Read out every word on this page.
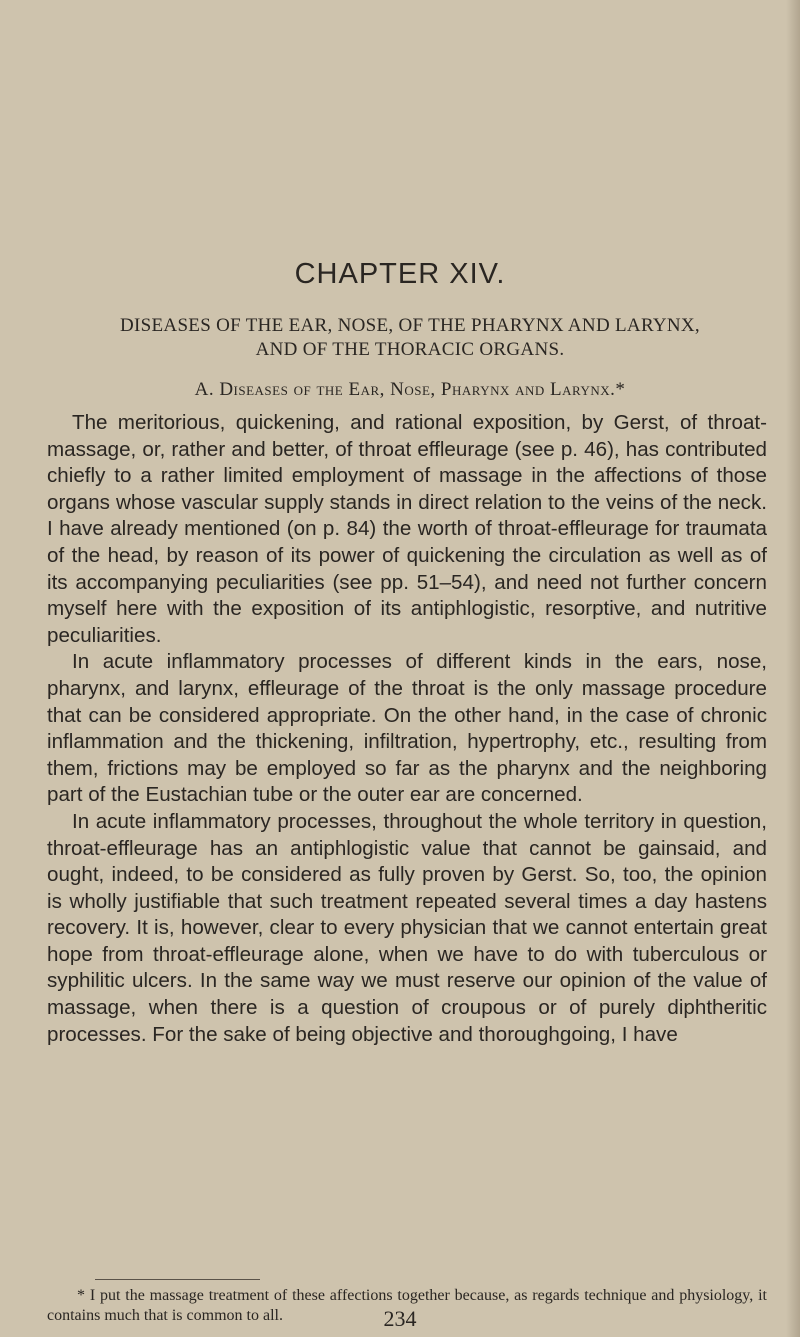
CHAPTER XIV.
DISEASES OF THE EAR, NOSE, OF THE PHARYNX AND LARYNX,
AND OF THE THORACIC ORGANS.
A. Diseases of the Ear, Nose, Pharynx and Larynx.*

The meritorious, quickening, and rational exposition, by Gerst, of throat-massage, or, rather and better, of throat effleurage (see p. 46), has contributed chiefly to a rather limited employment of massage in the affections of those organs whose vascular supply stands in direct relation to the veins of the neck. I have already mentioned (on p. 84) the worth of throat-effleurage for traumata of the head, by reason of its power of quickening the circulation as well as of its accompanying peculiarities (see pp. 51–54), and need not further concern myself here with the exposition of its antiphlogistic, resorptive, and nutritive peculiarities.

In acute inflammatory processes of different kinds in the ears, nose, pharynx, and larynx, effleurage of the throat is the only massage procedure that can be considered appropriate. On the other hand, in the case of chronic inflammation and the thickening, infiltration, hypertrophy, etc., resulting from them, frictions may be employed so far as the pharynx and the neighboring part of the Eustachian tube or the outer ear are concerned.

In acute inflammatory processes, throughout the whole territory in question, throat-effleurage has an antiphlogistic value that cannot be gainsaid, and ought, indeed, to be considered as fully proven by Gerst. So, too, the opinion is wholly justifiable that such treatment repeated several times a day hastens recovery. It is, however, clear to every physician that we cannot entertain great hope from throat-effleurage alone, when we have to do with tuberculous or syphilitic ulcers. In the same way we must reserve our opinion of the value of massage, when there is a question of croupous or of purely diphtheritic processes. For the sake of being objective and thoroughgoing, I have

* I put the massage treatment of these affections together because, as regards technique and physiology, it contains much that is common to all.	234
